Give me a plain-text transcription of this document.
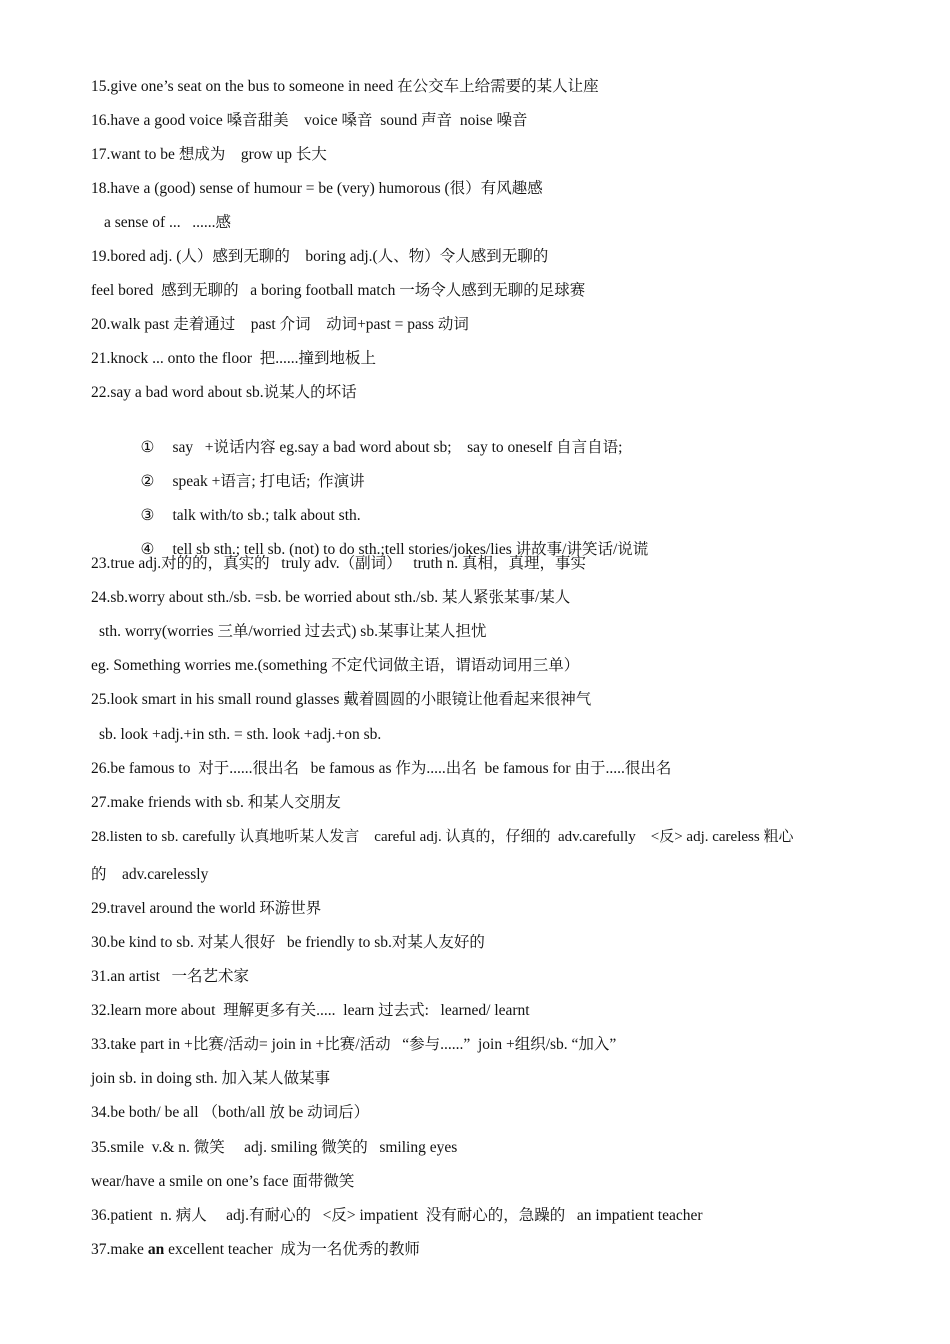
15.give one’s seat on the bus to someone in need 在公交车上给需要的某人让座
16.have a good voice 嗓音甜美    voice 嗓音  sound 声音  noise 噪音
17.want to be 想成为    grow up 长大
18.have a (good) sense of humour = be (very) humorous (很）有风趣感
a sense of ...   ......感
19.bored adj. (人）感到无聊的    boring adj.(人、物）令人感到无聊的
feel bored  感到无聊的   a boring football match 一场令人感到无聊的足球赛
20.walk past 走着通过    past 介词    动词+past = pass 动词
21.knock ... onto the floor  把......撞到地板上
22.say a bad word about sb.说某人的坏话

① say   +说话内容 eg.say a bad word about sb;    say to oneself 自言自语;

② speak +语言; 打电话;  作演讲

③ talk with/to sb.; talk about sth.

④ tell sb sth.; tell sb. (not) to do sth.;tell stories/jokes/lies 讲故事/讲笑话/说谎

23.true adj.对的的，真实的   truly adv.（副词）   truth n. 真相，真理，事实
24.sb.worry about sth./sb. =sb. be worried about sth./sb. 某人紧张某事/某人
sth. worry(worries 三单/worried 过去式) sb.某事让某人担忧
eg. Something worries me.(something 不定代词做主语，谓语动词用三单）
25.look smart in his small round glasses 戴着圆圆的小眼镜让他看起来很神气
sb. look +adj.+in sth. = sth. look +adj.+on sb.
26.be famous to  对于......很出名   be famous as 作为.....出名  be famous for 由于.....很出名
27.make friends with sb. 和某人交朋友
28.listen to sb. carefully 认真地听某人发言    careful adj. 认真的，仔细的  adv.carefully    <反> adj. careless 粗心
的    adv.carelessly
29.travel around the world 环游世界
30.be kind to sb. 对某人很好   be friendly to sb.对某人友好的
31.an artist   一名艺术家
32.learn more about  理解更多有关.....  learn 过去式:   learned/ learnt
33.take part in +比赛/活动= join in +比赛/活动   “参与......”  join +组织/sb. “加入”
join sb. in doing sth. 加入某人做某事
34.be both/ be all （both/all 放 be 动词后）
35.smile  v.& n. 微笑     adj. smiling 微笑的   smiling eyes
wear/have a smile on one’s face 面带微笑
36.patient  n. 病人     adj.有耐心的   <反> impatient  没有耐心的，急躁的   an impatient teacher
37.make an excellent teacher  成为一名优秀的教师
